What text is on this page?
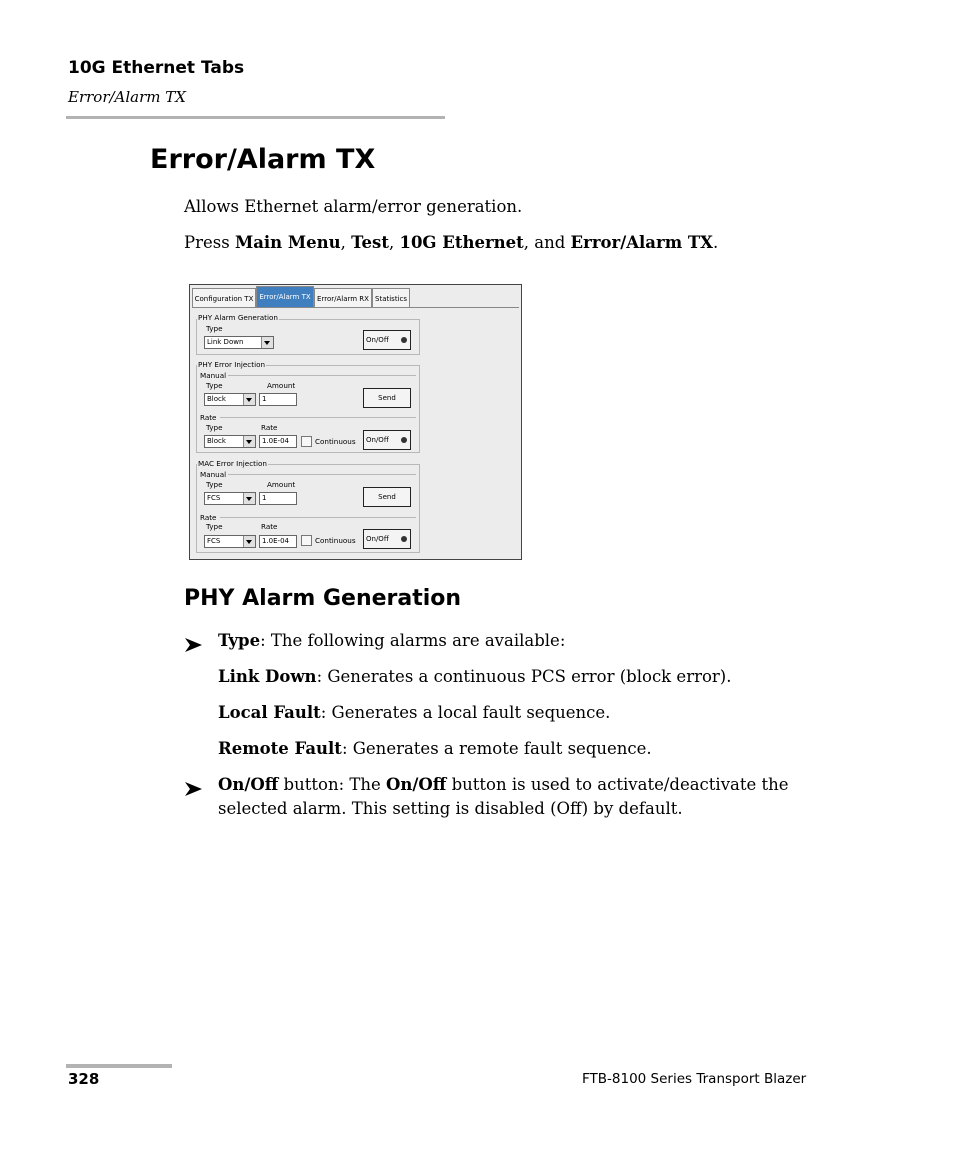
10G Ethernet Tabs
Error/Alarm TX
Error/Alarm TX
Allows Ethernet alarm/error generation.
Press Main Menu, Test, 10G Ethernet, and Error/Alarm TX.
Configuration TX Error/Alarm TX Error/Alarm RX Statistics
PHY Alarm Generation
Type
Link Down	On/Off
PHY Error Injection
Manual
Type	Amount
Block	1	Send
Rate
Type	Rate
Block	1.0E-04	Continuous On/Off
MAC Error Injection
Manual
Type	Amount
FCS	1	Send
Rate
Type	Rate
FCS	1.0E-04	Continuous On/Off
PHY Alarm Generation
Type: The following alarms are available:
Link Down: Generates a continuous PCS error (block error).
Local Fault: Generates a local fault sequence.
Remote Fault: Generates a remote fault sequence.
On/Off button: The On/Off button is used to activate/deactivate the
selected alarm. This setting is disabled (Off) by default.
328	FTB-8100 Series Transport Blazer
